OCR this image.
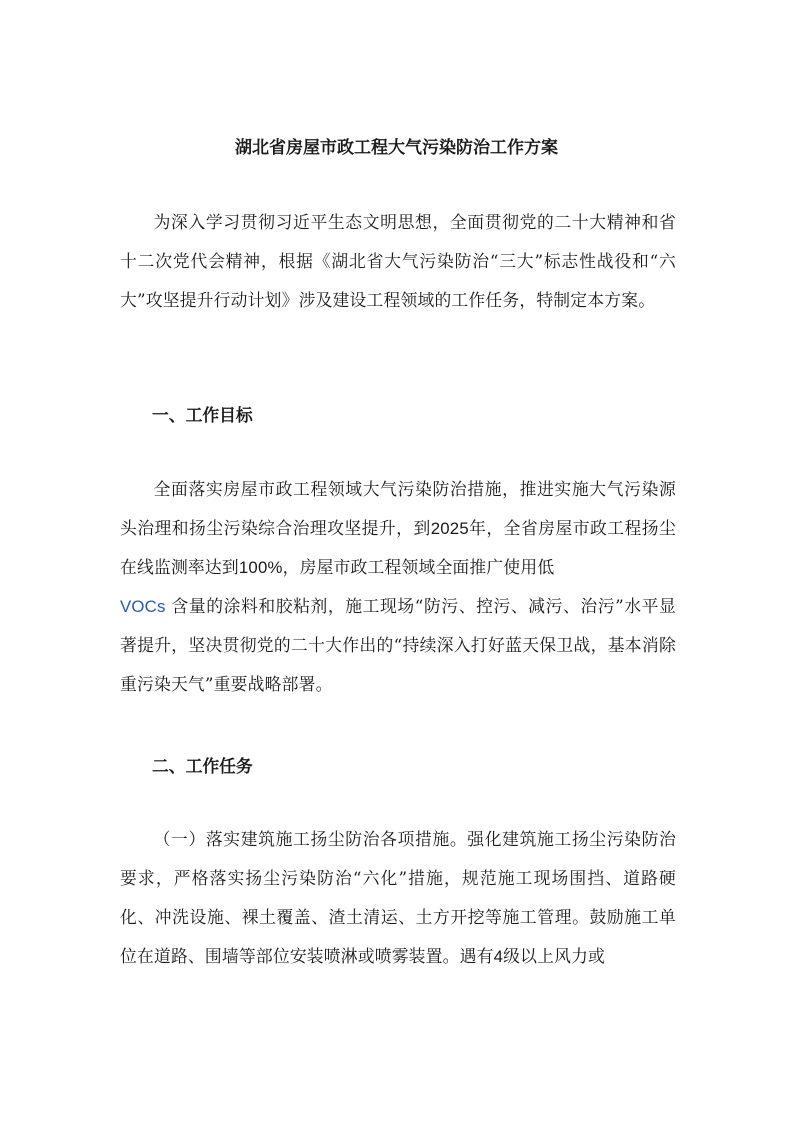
湖北省房屋市政工程大气污染防治工作方案
为深入学习贯彻习近平生态文明思想，全面贯彻党的二十大精神和省十二次党代会精神，根据《湖北省大气污染防治“三大”标志性战役和“六大”攻坚提升行动计划》涉及建设工程领域的工作任务，特制定本方案。
一、工作目标
全面落实房屋市政工程领域大气污染防治措施，推进实施大气污染源头治理和扬尘污染综合治理攻坚提升，到2025年，全省房屋市政工程扬尘在线监测率达到100%，房屋市政工程领域全面推广使用低
VOCs 含量的涂料和胶粘剂，施工现场“防污、控污、减污、治污”水平显著提升，坚决贯彻党的二十大作出的“持续深入打好蓝天保卫战，基本消除重污染天气”重要战略部署。
二、工作任务
（一）落实建筑施工扬尘防治各项措施。强化建筑施工扬尘污染防治要求，严格落实扬尘污染防治“六化”措施，规范施工现场围挡、道路硬化、冲洗设施、裸土覆盖、渣土清运、土方开挖等施工管理。鼓励施工单位在道路、围墙等部位安装喷淋或喷雾装置。遇有4级以上风力或
